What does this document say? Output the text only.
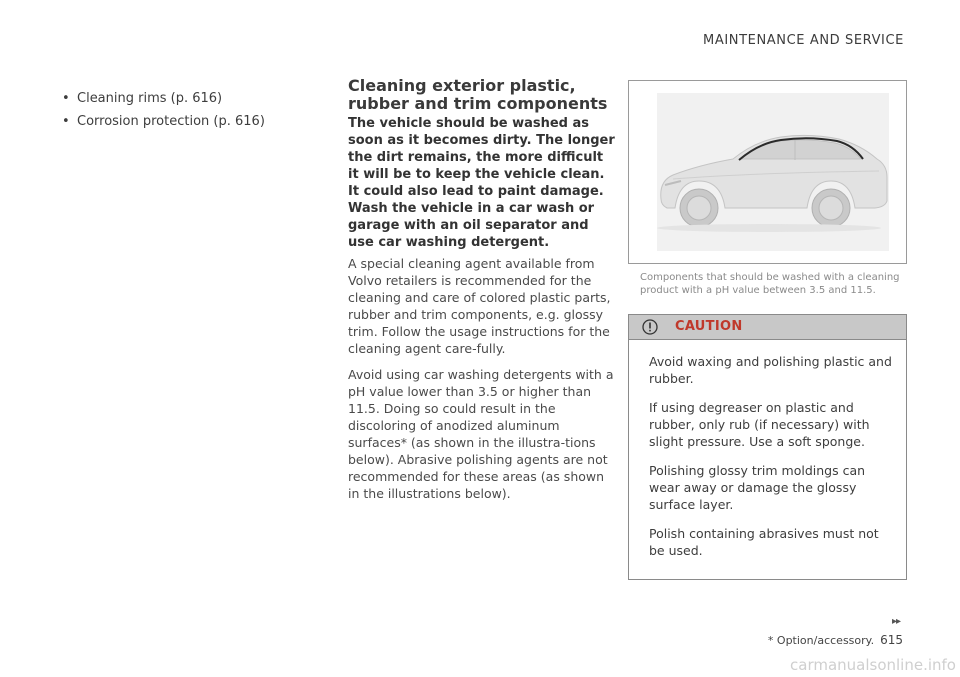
MAINTENANCE AND SERVICE
• Cleaning rims (p. 616)
• Corrosion protection (p. 616)
Cleaning exterior plastic, rubber and trim components

The vehicle should be washed as soon as it becomes dirty. The longer the dirt remains, the more difficult it will be to keep the vehicle clean. It could also lead to paint damage. Wash the vehicle in a car wash or garage with an oil separator and use car washing detergent.

A special cleaning agent available from Volvo retailers is recommended for the cleaning and care of colored plastic parts, rubber and trim components, e.g. glossy trim. Follow the usage instructions for the cleaning agent care-fully.

Avoid using car washing detergents with a pH value lower than 3.5 or higher than 11.5. Doing so could result in the discoloring of anodized aluminum surfaces* (as shown in the illustra-tions below). Abrasive polishing agents are not recommended for these areas (as shown in the illustrations below).

Components that should be washed with a cleaning product with a pH value between 3.5 and 11.5.
CAUTION

Avoid waxing and polishing plastic and rubber.

If using degreaser on plastic and rubber, only rub (if necessary) with slight pressure. Use a soft sponge.

Polishing glossy trim moldings can wear away or damage the glossy surface layer.

Polish containing abrasives must not be used.

▸▸
* Option/accessory. 615
carmanualsonline.info
